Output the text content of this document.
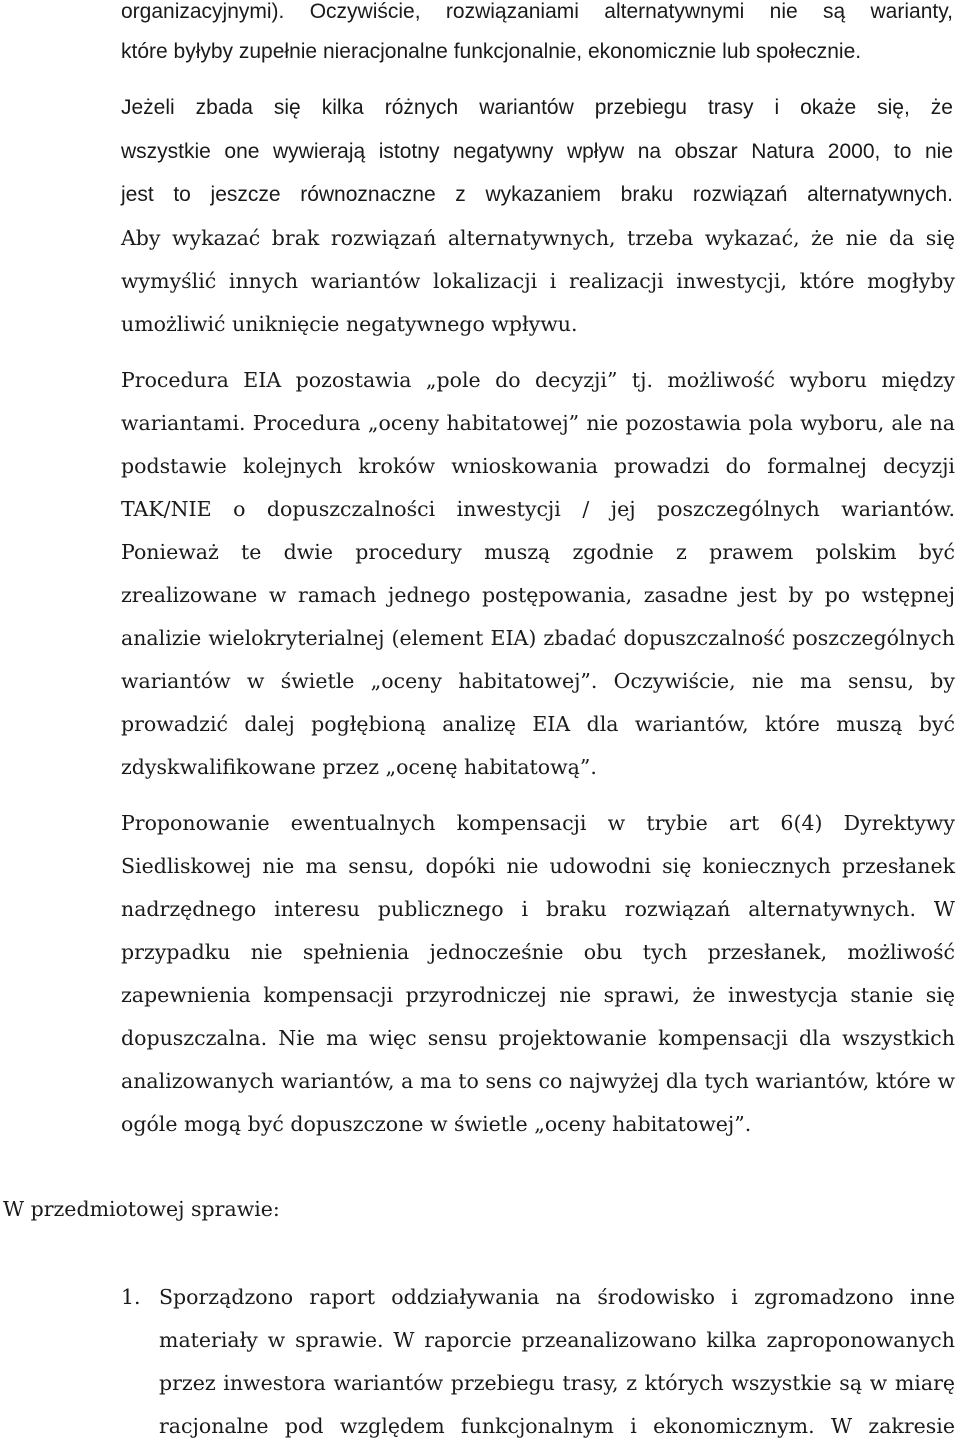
organizacyjnymi). Oczywiście, rozwiązaniami alternatywnymi nie są warianty,
które byłyby zupełnie nieracjonalne funkcjonalnie, ekonomicznie lub społecznie.
Jeżeli zbada się kilka różnych wariantów przebiegu trasy i okaże się, że
wszystkie one wywierają istotny negatywny wpływ na obszar Natura 2000, to nie
jest to jeszcze równoznaczne z wykazaniem braku rozwiązań alternatywnych.
Aby wykazać brak rozwiązań alternatywnych, trzeba wykazać, że nie da się
wymyślić innych wariantów lokalizacji i realizacji inwestycji, które mogłyby
umożliwić uniknięcie negatywnego wpływu.
Procedura EIA pozostawia „pole do decyzji” tj. możliwość wyboru między
wariantami. Procedura „oceny habitatowej” nie pozostawia pola wyboru, ale na
podstawie kolejnych kroków wnioskowania prowadzi do formalnej decyzji
TAK/NIE o dopuszczalności inwestycji / jej poszczególnych wariantów.
Ponieważ te dwie procedury muszą zgodnie z prawem polskim być
zrealizowane w ramach jednego postępowania, zasadne jest by po wstępnej
analizie wielokryterialnej (element EIA) zbadać dopuszczalność poszczególnych
wariantów w świetle „oceny habitatowej”. Oczywiście, nie ma sensu, by
prowadzić dalej pogłębioną analizę EIA dla wariantów, które muszą być
zdyskwalifikowane przez „ocenę habitatową”.
Proponowanie ewentualnych kompensacji w trybie art 6(4) Dyrektywy
Siedliskowej nie ma sensu, dopóki nie udowodni się koniecznych przesłanek
nadrzędnego interesu publicznego i braku rozwiązań alternatywnych. W
przypadku nie spełnienia jednocześnie obu tych przesłanek, możliwość
zapewnienia kompensacji przyrodniczej nie sprawi, że inwestycja stanie się
dopuszczalna. Nie ma więc sensu projektowanie kompensacji dla wszystkich
analizowanych wariantów, a ma to sens co najwyżej dla tych wariantów, które w
ogóle mogą być dopuszczone w świetle „oceny habitatowej”.
W przedmiotowej sprawie:
1. Sporządzono raport oddziaływania na środowisko i zgromadzono inne
materiały w sprawie. W raporcie przeanalizowano kilka zaproponowanych
przez inwestora wariantów przebiegu trasy, z których wszystkie są w miarę
racjonalne pod względem funkcjonalnym i ekonomicznym. W zakresie
